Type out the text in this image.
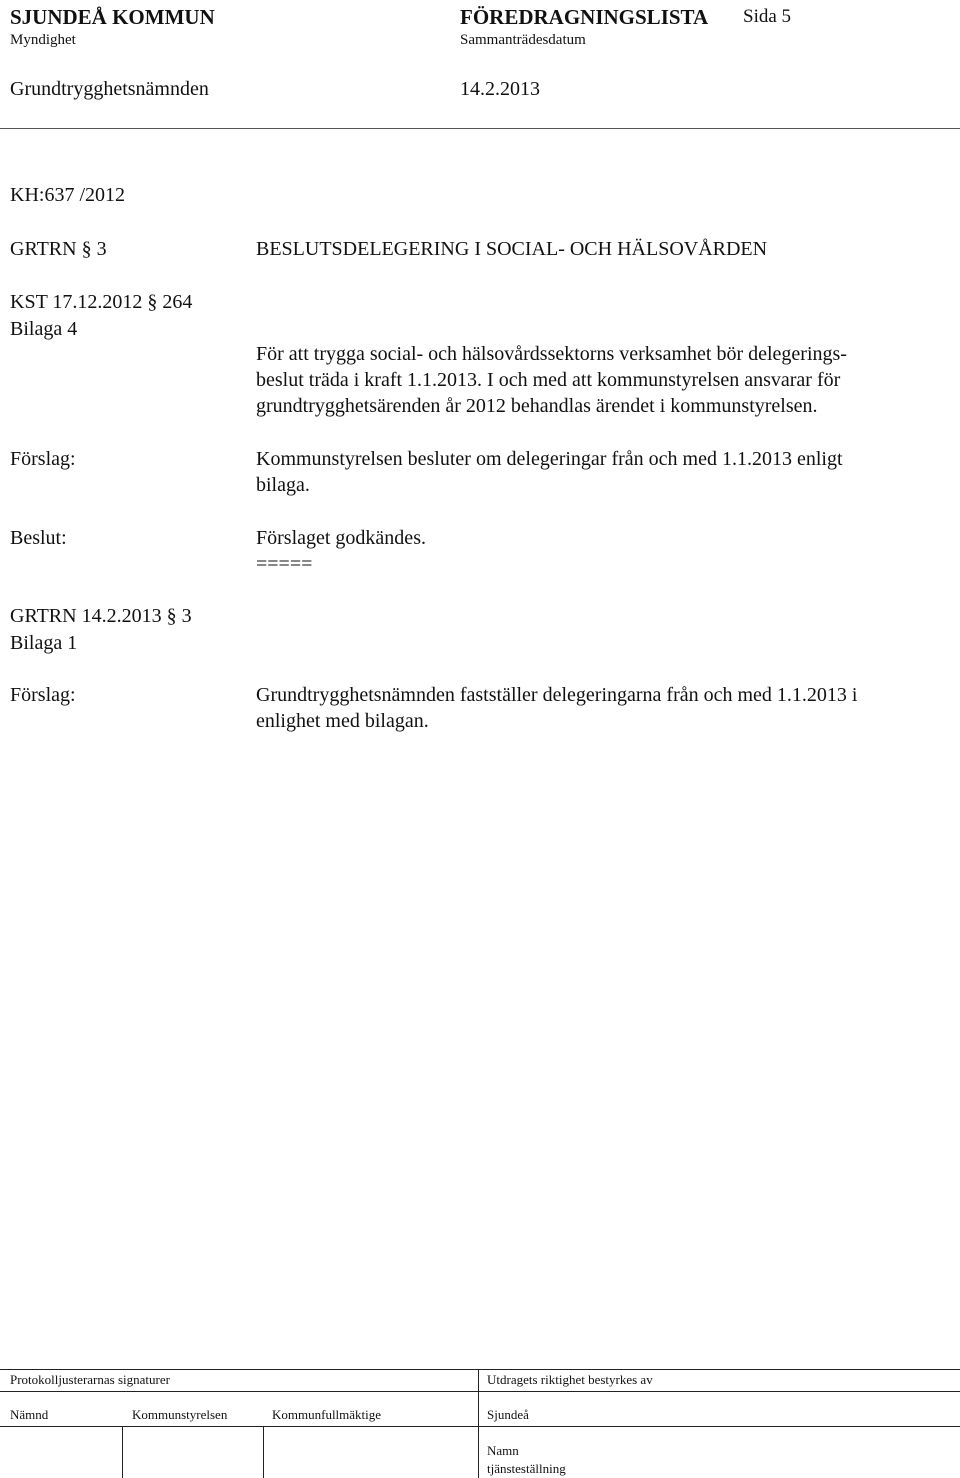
SJUNDEÅ KOMMUN
Myndighet
Grundtrygghetsnämnden
FÖREDRAGNINGSLISTA Sida 5
Sammanträdesdatum
14.2.2013
KH:637 /2012
GRTRN § 3	BESLUTSDELEGERING I SOCIAL- OCH HÄLSOVÅRDEN
KST 17.12.2012 § 264
Bilaga 4
För att trygga social- och hälsovårdssektorns verksamhet bör delegerings-
beslut träda i kraft 1.1.2013. I och med att kommunstyrelsen ansvarar för
grundtrygghetsärenden år 2012 behandlas ärendet i kommunstyrelsen.
Förslag:	Kommunstyrelsen besluter om delegeringar från och med 1.1.2013 enligt
bilaga.
Beslut:	Förslaget godkändes.
=====
GRTRN 14.2.2013 § 3
Bilaga 1
Förslag:	Grundtrygghetsnämnden fastställer delegeringarna från och med 1.1.2013 i
enlighet med bilagan.
Protokolljusterarnas signaturer	Utdragets riktighet bestyrkes av
Nämnd	Kommunstyrelsen	Kommunfullmäktige	Sjundeå
Namn
tjänsteställning
